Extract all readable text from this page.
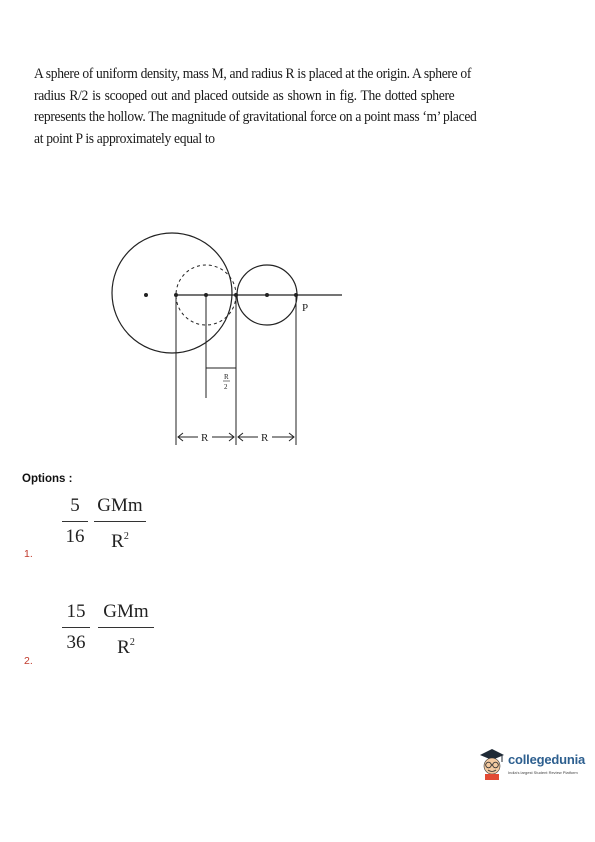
A sphere of uniform density, mass M, and radius R is placed at the origin. A sphere of
radius R/2 is scooped out and placed outside as shown in fig. The dotted sphere
represents the hollow. The magnitude of gravitational force on a point mass ‘m’ placed
at point P is approximately equal to
R
2
P
R	R
Options :
5
16
GMm
$R^2$
1.
15
36
GMm
$R^2$
2.
collegedunia
India's largest Student Review Platform
